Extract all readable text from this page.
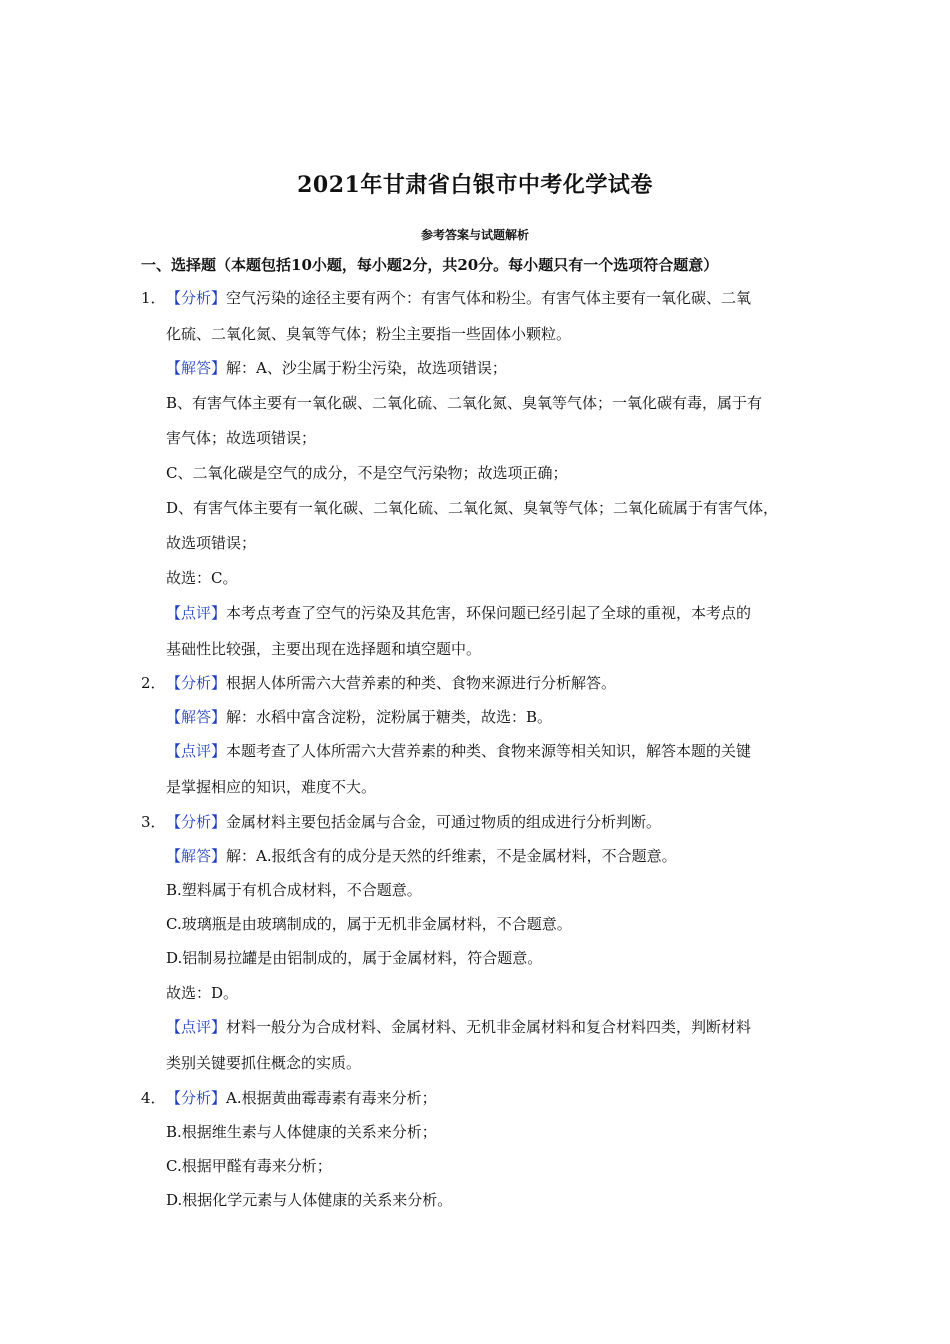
2021年甘肃省白银市中考化学试卷
参考答案与试题解析
一、选择题（本题包括10小题，每小题2分，共20分。每小题只有一个选项符合题意）
1． 【分析】空气污染的途径主要有两个：有害气体和粉尘。有害气体主要有一氧化碳、二氧
化硫、二氧化氮、臭氧等气体；粉尘主要指一些固体小颗粒。
【解答】解：A、沙尘属于粉尘污染，故选项错误；
B、有害气体主要有一氧化碳、二氧化硫、二氧化氮、臭氧等气体；一氧化碳有毒，属于有
害气体；故选项错误；
C、二氧化碳是空气的成分，不是空气污染物；故选项正确；
D、有害气体主要有一氧化碳、二氧化硫、二氧化氮、臭氧等气体；二氧化硫属于有害气体，
故选项错误；
故选：C。
【点评】本考点考查了空气的污染及其危害，环保问题已经引起了全球的重视，本考点的
基础性比较强，主要出现在选择题和填空题中。
2． 【分析】根据人体所需六大营养素的种类、食物来源进行分析解答。
【解答】解：水稻中富含淀粉，淀粉属于糖类，故选：B。
【点评】本题考查了人体所需六大营养素的种类、食物来源等相关知识，解答本题的关键
是掌握相应的知识，难度不大。
3． 【分析】金属材料主要包括金属与合金，可通过物质的组成进行分析判断。
【解答】解：A.报纸含有的成分是天然的纤维素，不是金属材料，不合题意。
B.塑料属于有机合成材料，不合题意。
C.玻璃瓶是由玻璃制成的，属于无机非金属材料，不合题意。
D.铝制易拉罐是由铝制成的，属于金属材料，符合题意。
故选：D。
【点评】材料一般分为合成材料、金属材料、无机非金属材料和复合材料四类，判断材料
类别关键要抓住概念的实质。
4． 【分析】A.根据黄曲霉毒素有毒来分析；
B.根据维生素与人体健康的关系来分析；
C.根据甲醛有毒来分析；
D.根据化学元素与人体健康的关系来分析。
